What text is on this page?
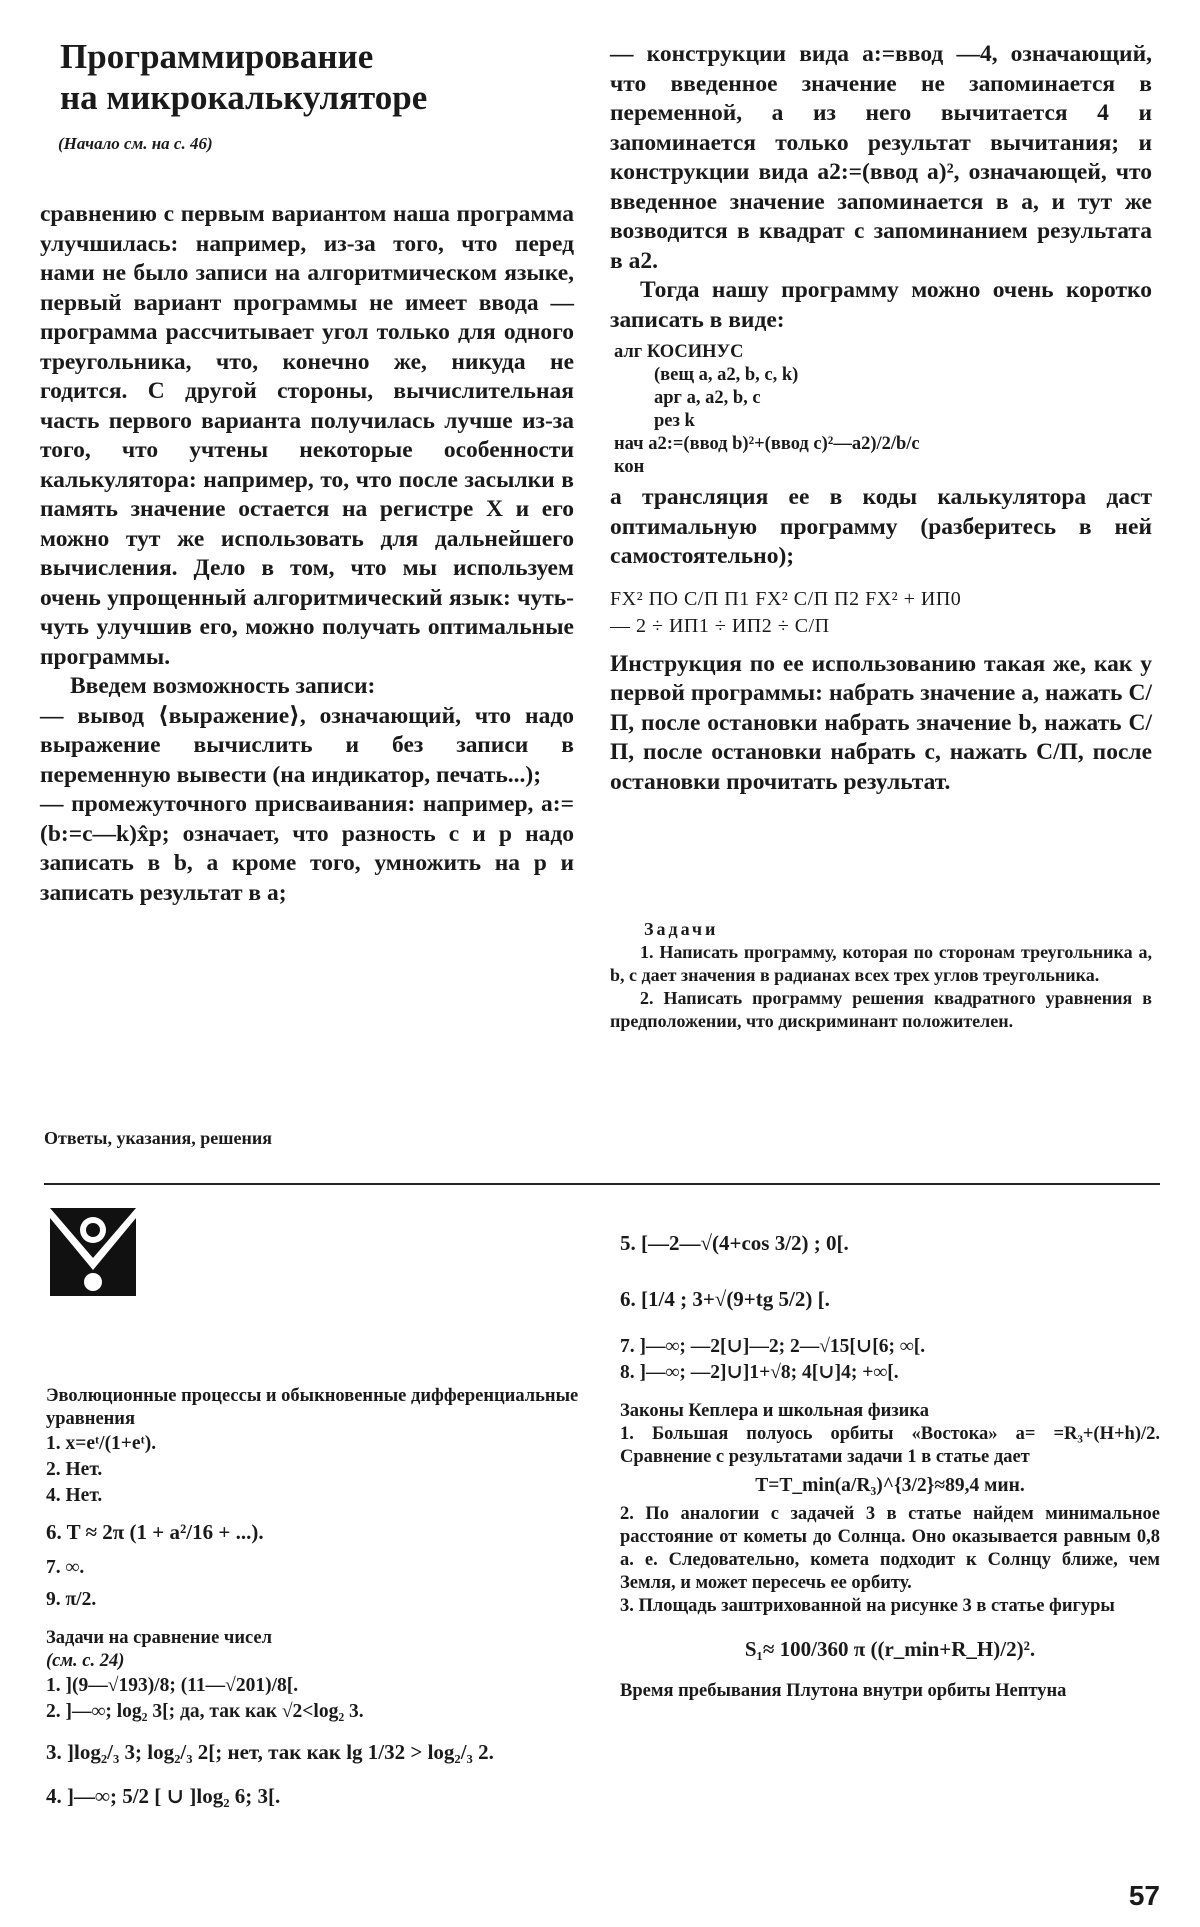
Программирование
на микрокалькуляторе
(Начало см. на с. 46)

сравнению с первым вариантом наша программа улучшилась: например, из-за того, что перед нами не было записи на алгоритмическом языке, первый вариант программы не имеет ввода — программа рассчитывает угол только для одного треугольника, что, конечно же, никуда не годится. С другой стороны, вычислительная часть первого варианта получилась лучше из-за того, что учтены некоторые особенности калькулятора: например, то, что после засылки в память значение остается на регистре X и его можно тут же использовать для дальнейшего вычисления. Дело в том, что мы используем очень упрощенный алгоритмический язык: чуть-чуть улучшив его, можно получать оптимальные программы.

Введем возможность записи:

— вывод ⟨выражение⟩, означающий, что надо выражение вычислить и без записи в переменную вывести (на индикатор, печать...);

— промежуточного присваивания: например, a:=(b:=c—k)x̂p; означает, что разность c и p надо записать в b, а кроме того, умножить на p и записать результат в a;

— конструкции вида a:=ввод —4, означающий, что введенное значение не запоминается в переменной, а из него вычитается 4 и запоминается только результат вычитания; и конструкции вида a2:=(ввод a)², означающей, что введенное значение запоминается в a, и тут же возводится в квадрат с запоминанием результата в a2.

Тогда нашу программу можно очень коротко записать в виде:

алг КОСИНУС
(вещ a, a2, b, c, k)
арг a, a2, b, c
рез k
нач a2:=(ввод b)²+(ввод c)²—a2)/2/b/c
кон

а трансляция ее в коды калькулятора даст оптимальную программу (разберитесь в ней самостоятельно);

FX² ПО С/П П1 FX² С/П П2 FX² + ИП0
— 2 ÷ ИП1 ÷ ИП2 ÷ С/П

Инструкция по ее использованию такая же, как у первой программы: набрать значение a, нажать С/П, после остановки набрать значение b, нажать С/П, после остановки набрать c, нажать С/П, после остановки прочитать результат.

Задачи

1. Написать программу, которая по сторонам треугольника a, b, c дает значения в радианах всех трех углов треугольника.

2. Написать программу решения квадратного уравнения в предположении, что дискриминант положителен.

Ответы, указания, решения
Эволюционные процессы и обыкновенные дифференциальные уравнения
1. x=eᵗ/(1+eᵗ).
2. Нет.
4. Нет.
6. T ≈ 2π (1 + a²/16 + ...).
7. ∞.
9. π/2.
Задачи на сравнение чисел
(см. с. 24)
1. ](9—√193)/8; (11—√201)/8[.
2. ]—∞; log₂ 3[; да, так как √2<log₂ 3.
3. ]log₂/₃ 3; log₂/₃ 2[; нет, так как lg 1/32 > log₂/₃ 2.
4. ]—∞; 5/2 [ ∪ ]log₂ 6; 3[.
5. [—2—√(4+cos 3/2) ; 0[.
6. [1/4 ; 3+√(9+tg 5/2) [.
7. ]—∞; —2[∪]—2; 2—√15[∪[6; ∞[.
8. ]—∞; —2]∪]1+√8; 4[∪]4; +∞[.
Законы Кеплера и школьная физика
1. Большая полуось орбиты «Востока» a= =R₃+(H+h)/2. Сравнение с результатами задачи 1 в статье дает
T=T_min(a/R₃)^{3/2}≈89,4 мин.
2. По аналогии с задачей 3 в статье найдем минимальное расстояние от кометы до Солнца. Оно оказывается равным 0,8 а. е. Следовательно, комета подходит к Солнцу ближе, чем Земля, и может пересечь ее орбиту.
3. Площадь заштрихованной на рисунке 3 в статье фигуры
S₁≈ 100/360 π ((r_min+R_H)/2)².
Время пребывания Плутона внутри орбиты Нептуна
57
